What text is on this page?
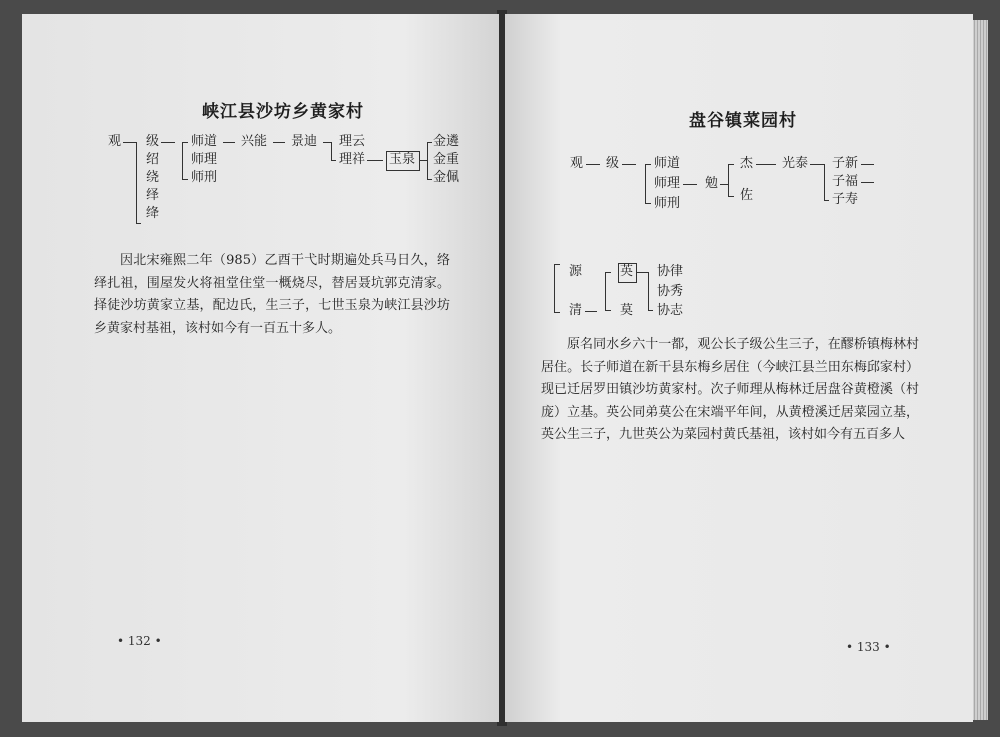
峡江县沙坊乡黄家村
观 级
绍
绕
绎
绛
师道
师理
师刑
兴能 景迪 理云
理祥 玉泉
金遴
金重
金佩
因北宋雍熙二年（985）乙酉干弋时期遍处兵马日久，络绎扎祖，围屋发火将祖堂住堂一概烧尽，替居聂坑郭克清家。择徒沙坊黄家立基，配边氏，生三子，七世玉泉为峡江县沙坊乡黄家村基祖，该村如今有一百五十多人。
• 132 •
盘谷镇菜园村
观 级	师道
师理
师刑
勉
杰
佐
光泰 子新
子福
子寿
源
清
英
莫
协律
协秀
协志
原名同水乡六十一都，观公长子级公生三子，在醪桥镇梅林村居住。长子师道在新干县东梅乡居住（今峡江县兰田东梅邱家村）现已迁居罗田镇沙坊黄家村。次子师理从梅林迁居盘谷黄橙溪（村庞）立基。英公同弟莫公在宋端平年间，从黄橙溪迁居菜园立基，英公生三子，九世英公为菜园村黄氏基祖，该村如今有五百多人
• 133 •
